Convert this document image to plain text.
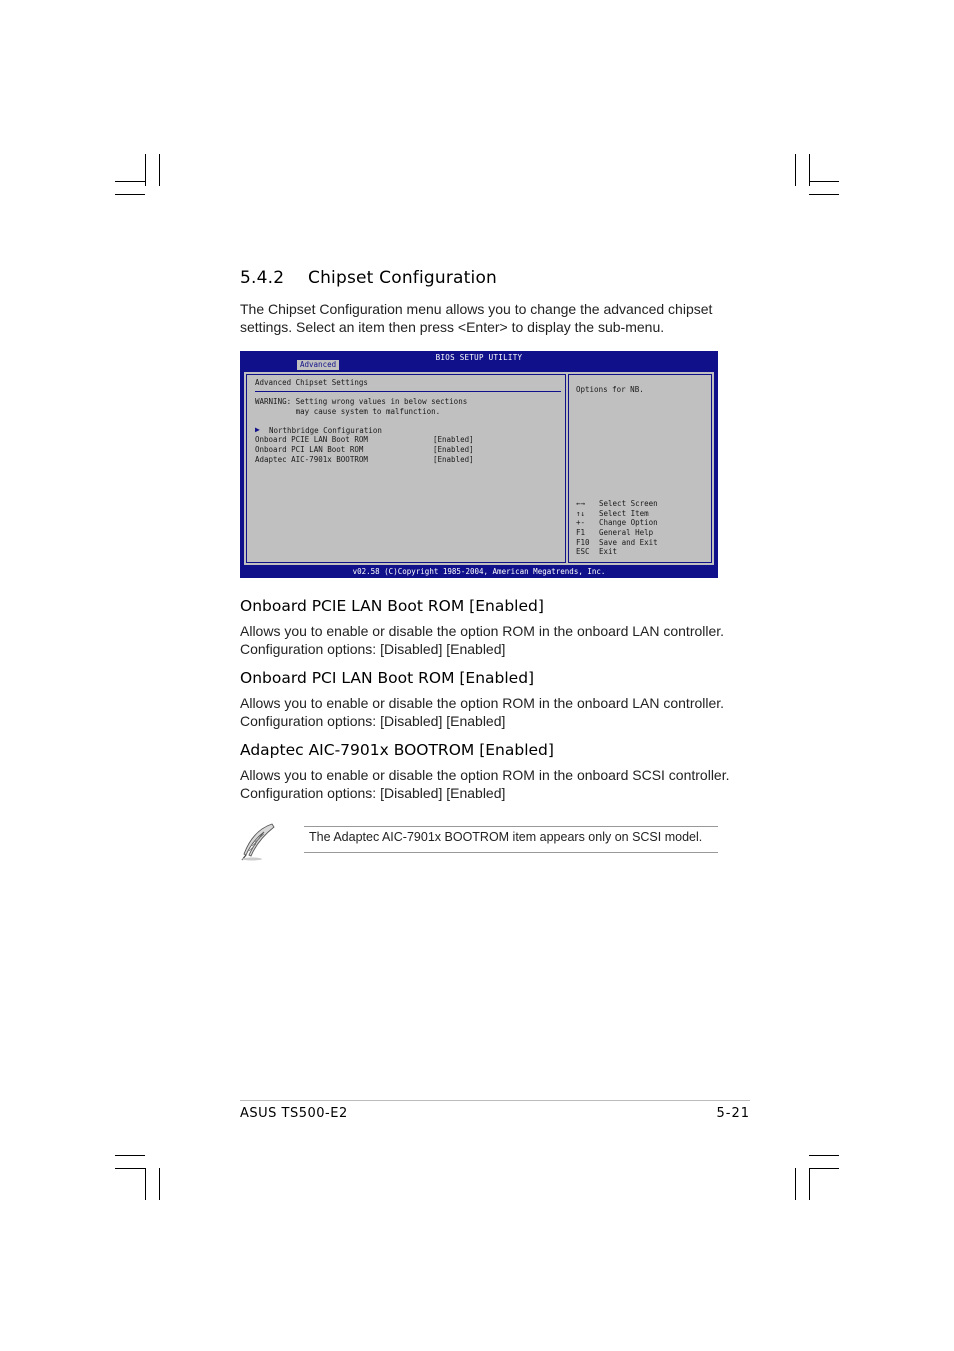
5.4.2 Chipset Configuration

The Chipset Configuration menu allows you to change the advanced chipset settings. Select an item then press <Enter> to display the sub-menu.

BIOS SETUP UTILITY
Advanced
Advanced Chipset Settings
WARNING: Setting wrong values in below sections
may cause system to malfunction.
▶ Northbridge Configuration
Onboard PCIE LAN Boot ROM	[Enabled]
Onboard PCI LAN Boot ROM	[Enabled]
Adaptec AIC-7901x BOOTROM	[Enabled]
Options for NB.
←→ Select Screen
↑↓ Select Item
+- Change Option
F1 General Help
F10 Save and Exit
ESC Exit
v02.58 (C)Copyright 1985-2004, American Megatrends, Inc.
Onboard PCIE LAN Boot ROM [Enabled]

Allows you to enable or disable the option ROM in the onboard LAN controller. Configuration options: [Disabled] [Enabled]

Onboard PCI LAN Boot ROM [Enabled]

Allows you to enable or disable the option ROM in the onboard LAN controller. Configuration options: [Disabled] [Enabled]

Adaptec AIC-7901x BOOTROM [Enabled]

Allows you to enable or disable the option ROM in the onboard SCSI controller. Configuration options: [Disabled] [Enabled]

The Adaptec AIC-7901x BOOTROM item appears only on SCSI model.
ASUS TS500-E2	5-21
